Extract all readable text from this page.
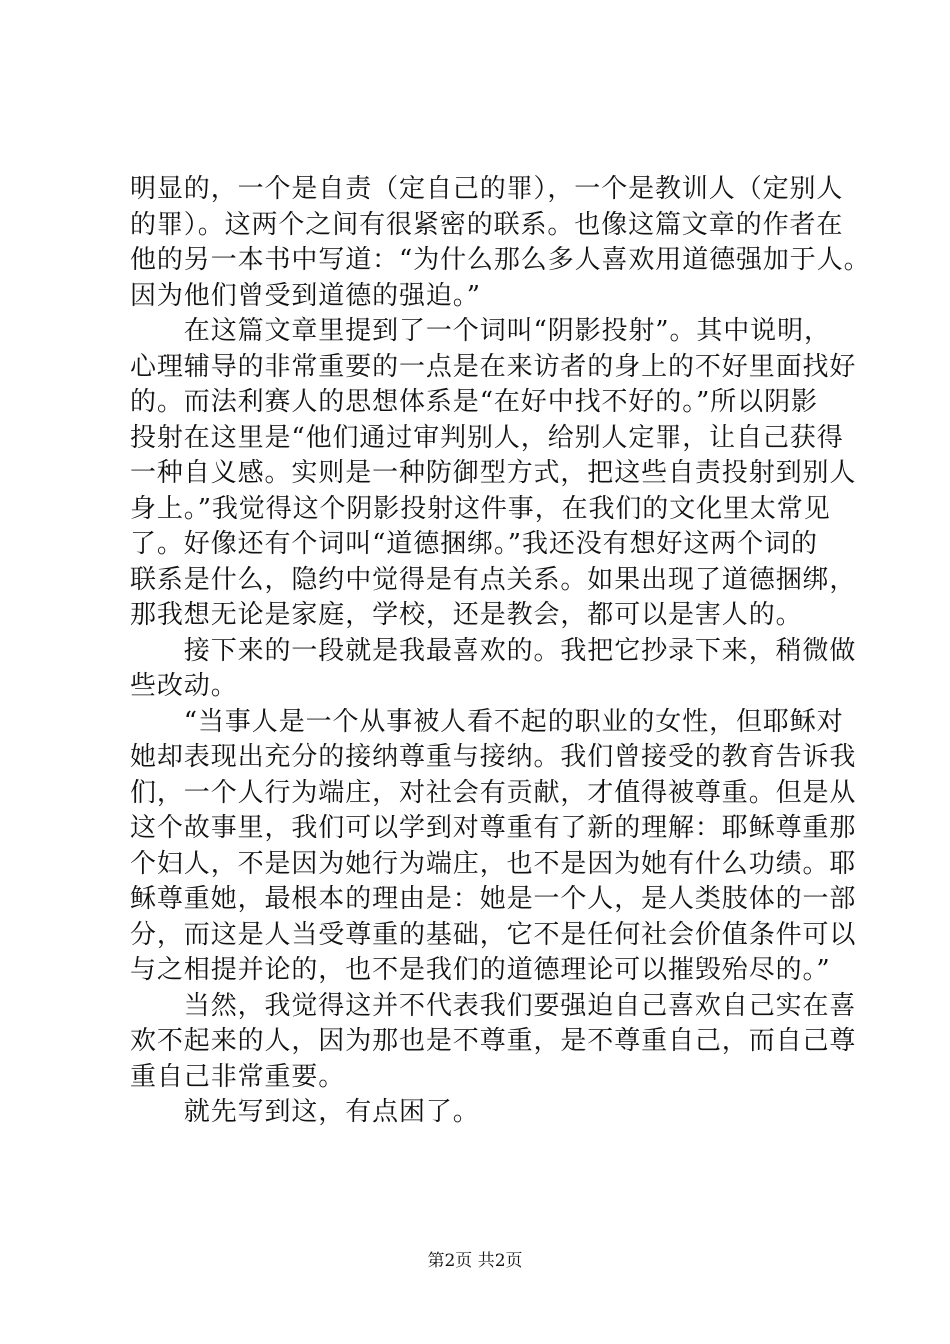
明显的，一个是自责（定自己的罪），一个是教训人（定别人
的罪）。这两个之间有很紧密的联系。也像这篇文章的作者在
他的另一本书中写道：“为什么那么多人喜欢用道德强加于人。
因为他们曾受到道德的强迫。”
　　在这篇文章里提到了一个词叫“阴影投射”。其中说明，
心理辅导的非常重要的一点是在来访者的身上的不好里面找好
的。而法利赛人的思想体系是“在好中找不好的。”所以阴影
投射在这里是“他们通过审判别人，给别人定罪，让自己获得
一种自义感。实则是一种防御型方式，把这些自责投射到别人
身上。”我觉得这个阴影投射这件事，在我们的文化里太常见
了。好像还有个词叫“道德捆绑。”我还没有想好这两个词的
联系是什么，隐约中觉得是有点关系。如果出现了道德捆绑，
那我想无论是家庭，学校，还是教会，都可以是害人的。
　　接下来的一段就是我最喜欢的。我把它抄录下来，稍微做
些改动。
　　“当事人是一个从事被人看不起的职业的女性，但耶稣对
她却表现出充分的接纳尊重与接纳。我们曾接受的教育告诉我
们，一个人行为端庄，对社会有贡献，才值得被尊重。但是从
这个故事里，我们可以学到对尊重有了新的理解：耶稣尊重那
个妇人，不是因为她行为端庄，也不是因为她有什么功绩。耶
稣尊重她，最根本的理由是：她是一个人，是人类肢体的一部
分，而这是人当受尊重的基础，它不是任何社会价值条件可以
与之相提并论的，也不是我们的道德理论可以摧毁殆尽的。”
　　当然，我觉得这并不代表我们要强迫自己喜欢自己实在喜
欢不起来的人，因为那也是不尊重，是不尊重自己，而自己尊
重自己非常重要。
　　就先写到这，有点困了。
第2页 共2页
